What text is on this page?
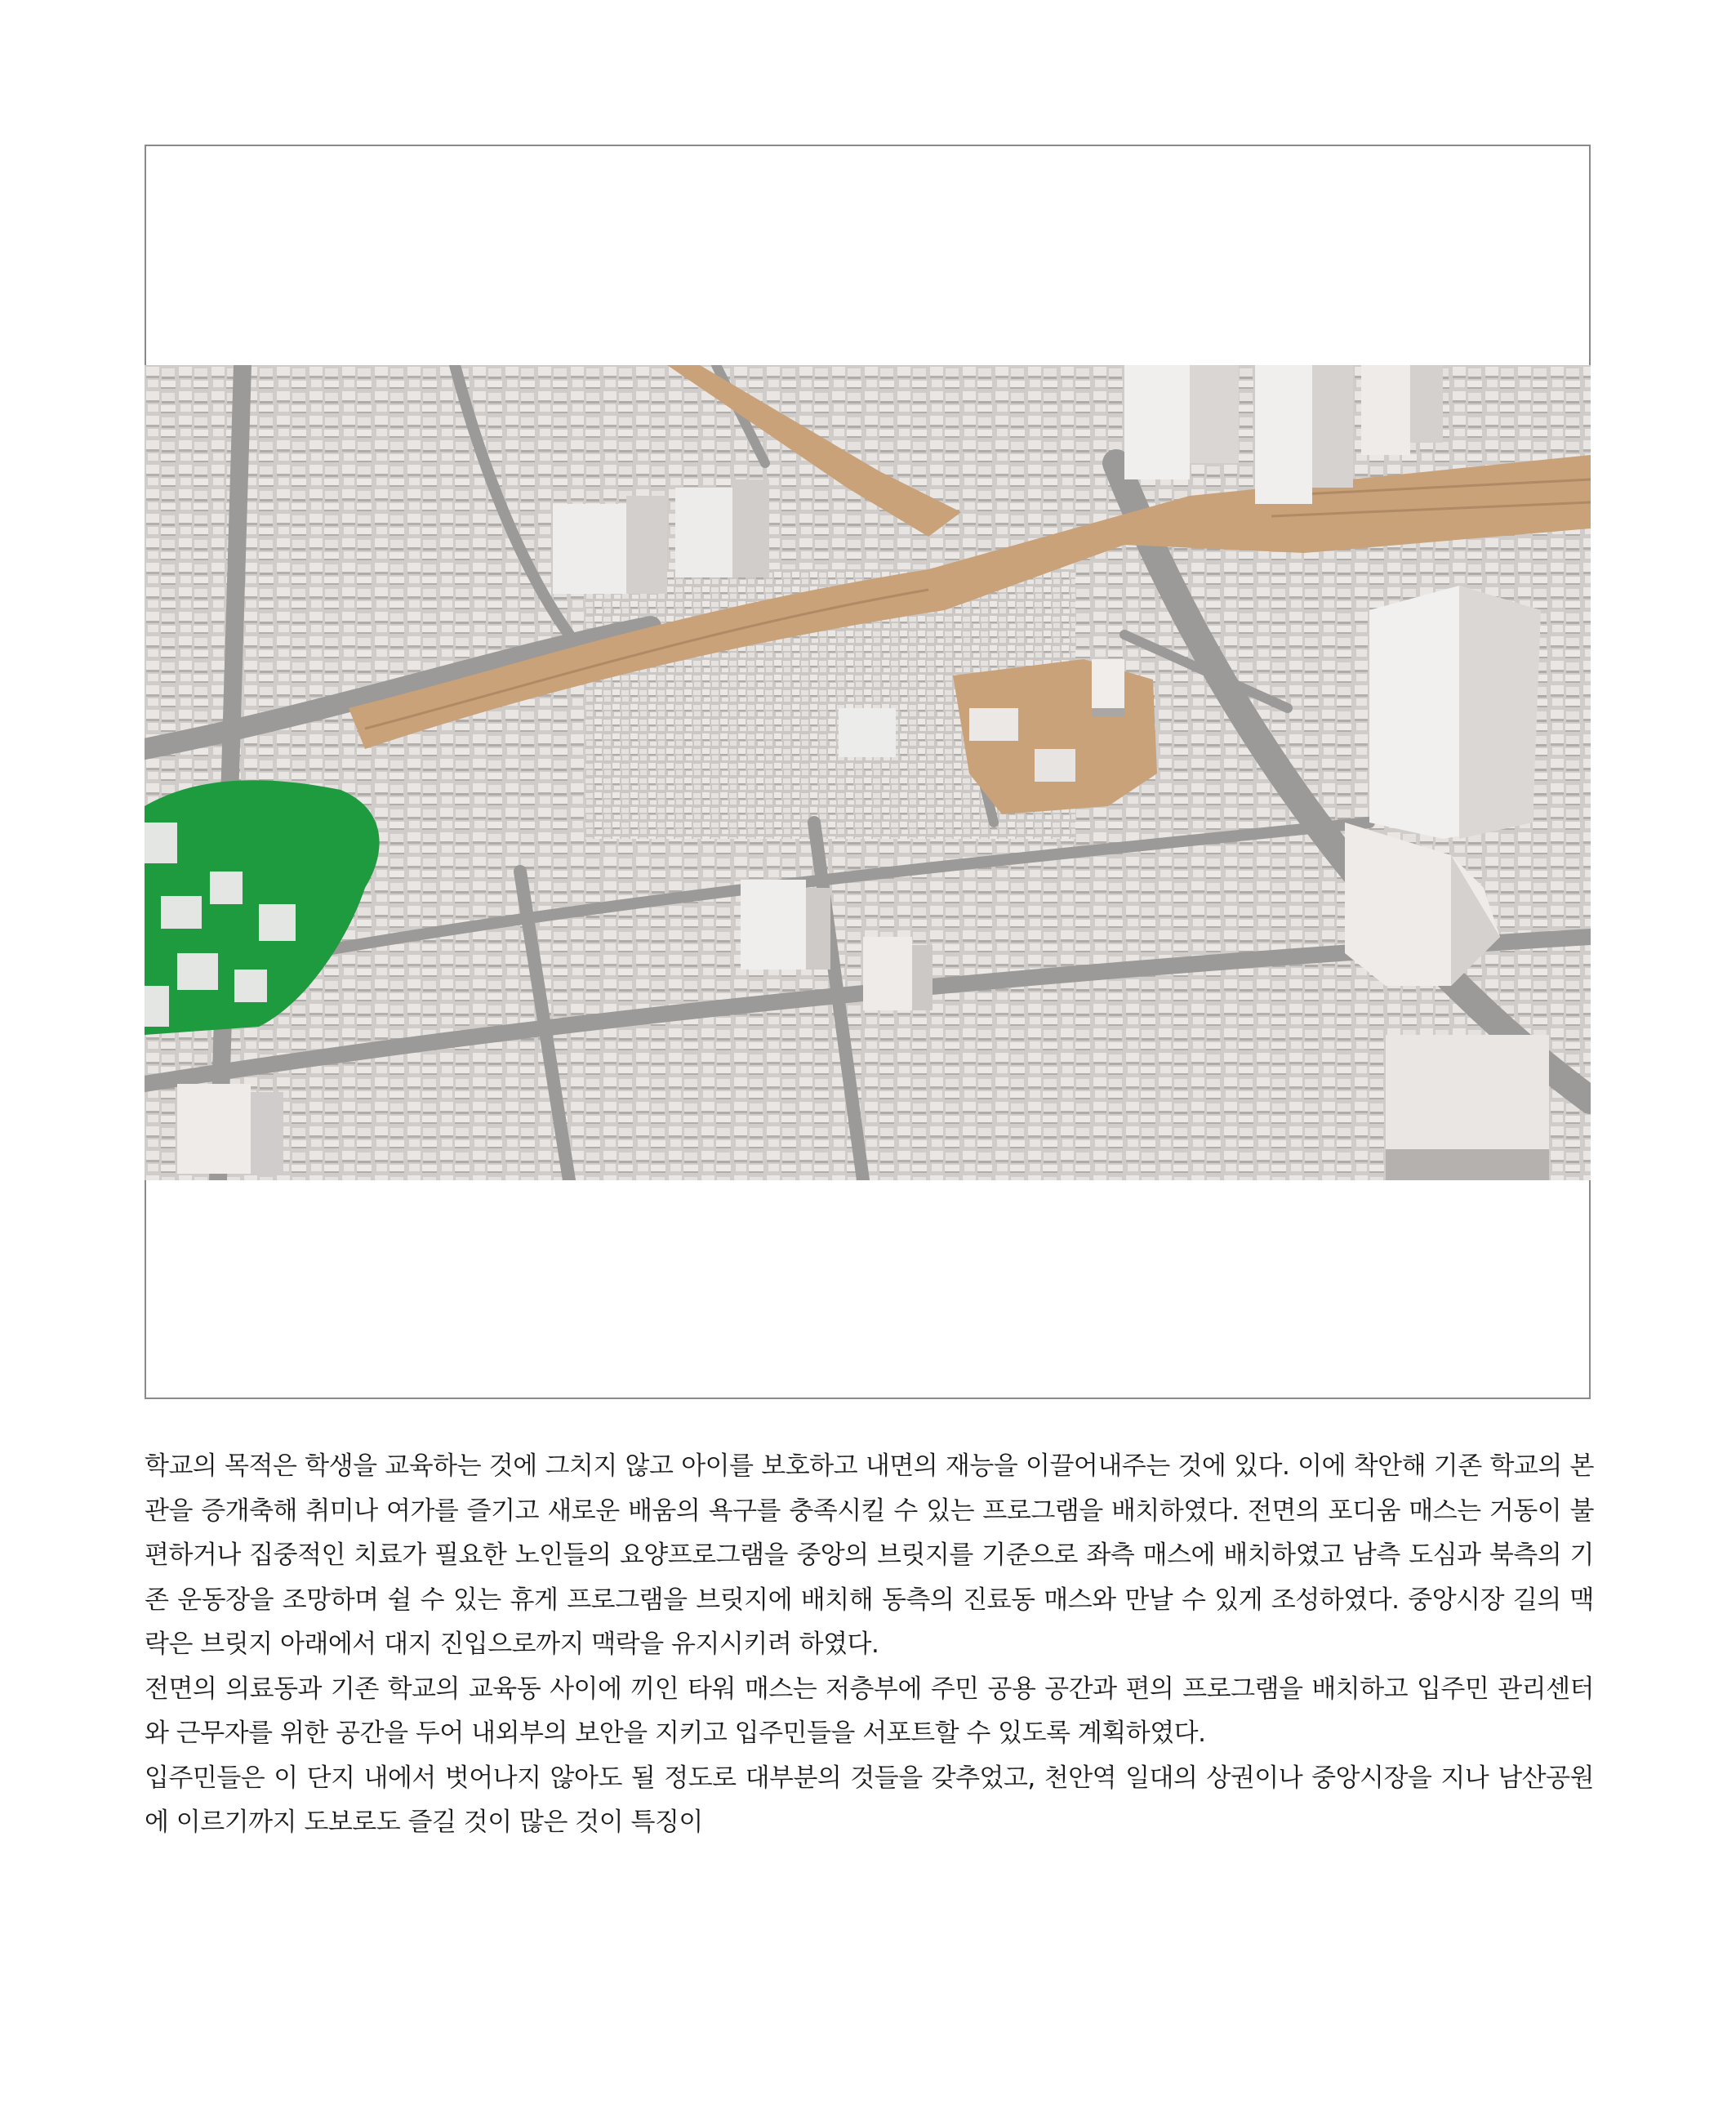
학교의 목적은 학생을 교육하는 것에 그치지 않고 아이를 보호하고 내면의 재능을 이끌어내주는 것에 있다. 이에 착안해 기존 학교의 본관을 증개축해 취미나 여가를 즐기고 새로운 배움의 욕구를 충족시킬 수 있는 프로그램을 배치하였다. 전면의 포디움 매스는 거동이 불편하거나 집중적인 치료가 필요한 노인들의 요양프로그램을 중앙의 브릿지를 기준으로 좌측 매스에 배치하였고 남측 도심과 북측의 기존 운동장을 조망하며 쉴 수 있는 휴게 프로그램을 브릿지에 배치해 동측의 진료동 매스와 만날 수 있게 조성하였다. 중앙시장 길의 맥락은 브릿지 아래에서 대지 진입으로까지 맥락을 유지시키려 하였다.

전면의 의료동과 기존 학교의 교육동 사이에 끼인 타워 매스는 저층부에 주민 공용 공간과 편의 프로그램을 배치하고 입주민 관리센터와 근무자를 위한 공간을 두어 내외부의 보안을 지키고 입주민들을 서포트할 수 있도록 계획하였다.

입주민들은 이 단지 내에서 벗어나지 않아도 될 정도로 대부분의 것들을 갖추었고, 천안역 일대의 상권이나 중앙시장을 지나 남산공원에 이르기까지 도보로도 즐길 것이 많은 것이 특징이
